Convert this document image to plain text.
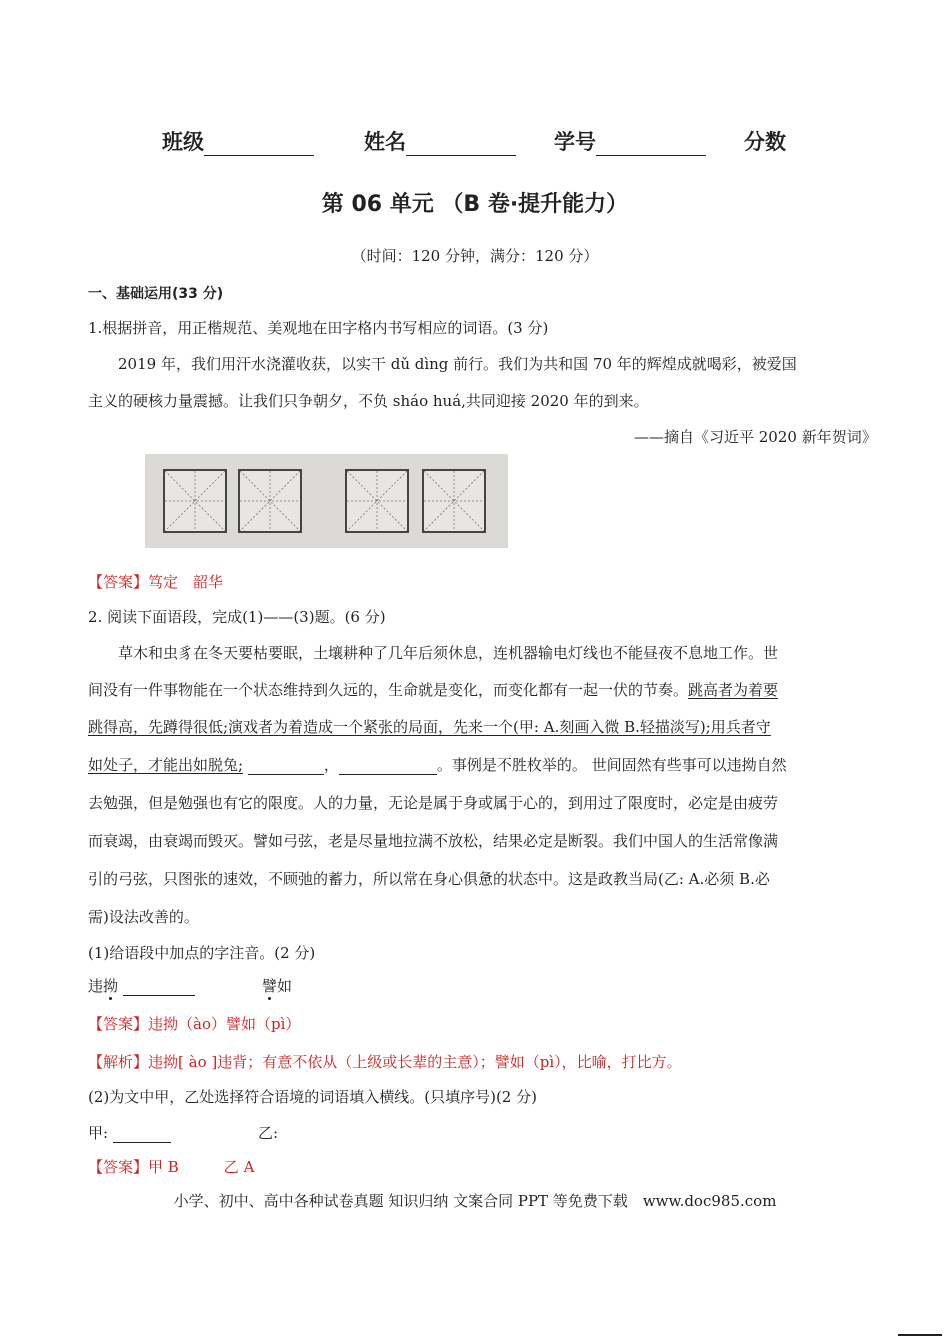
班级	姓名	学号	分数
第 06 单元 （B 卷·提升能力）
（时间：120 分钟，满分：120 分）
一、基础运用(33 分)
1.根据拼音，用正楷规范、美观地在田字格内书写相应的词语。(3 分)
2019 年，我们用汗水浇灌收获，以实干 dǔ dìng 前行。我们为共和国 70 年的辉煌成就喝彩，被爱国
主义的硬核力量震撼。让我们只争朝夕，不负 sháo huá,共同迎接 2020 年的到来。
——摘自《习近平 2020 新年贺词》
【答案】笃定　韶华
2. 阅读下面语段，完成(1)——(3)题。(6 分)
草木和虫豸在冬天要枯要眠，土壤耕种了几年后须休息，连机器输电灯线也不能昼夜不息地工作。世
间没有一件事物能在一个状态维持到久远的，生命就是变化，而变化都有一起一伏的节奏。跳高者为着要
跳得高，先蹲得很低;演戏者为着造成一个紧张的局面，先来一个(甲: A.刻画入微 B.轻描淡写);用兵者守
如处子，才能出如脱兔;	，	。事例是不胜枚举的。 世间固然有些事可以违拗自然
去勉强，但是勉强也有它的限度。人的力量，无论是属于身或属于心的，到用过了限度时，必定是由疲劳
而衰竭，由衰竭而毁灭。譬如弓弦，老是尽量地拉满不放松，结果必定是断裂。我们中国人的生活常像满
引的弓弦，只图张的速效，不顾弛的蓄力，所以常在身心俱惫的状态中。这是政教当局(乙: A.必须 B.必
需)设法改善的。
(1)给语段中加点的字注音。(2 分)
违拗	譬如
【答案】违拗（ào）譬如（pì）
【解析】违拗[ ào ]违背；有意不依从（上级或长辈的主意）；譬如（pì），比喻，打比方。
(2)为文中甲，乙处选择符合语境的词语填入横线。(只填序号)(2 分)
甲:	乙:
【答案】甲 B　　　乙 A
小学、初中、高中各种试卷真题 知识归纳 文案合同 PPT 等免费下载　www.doc985.com
